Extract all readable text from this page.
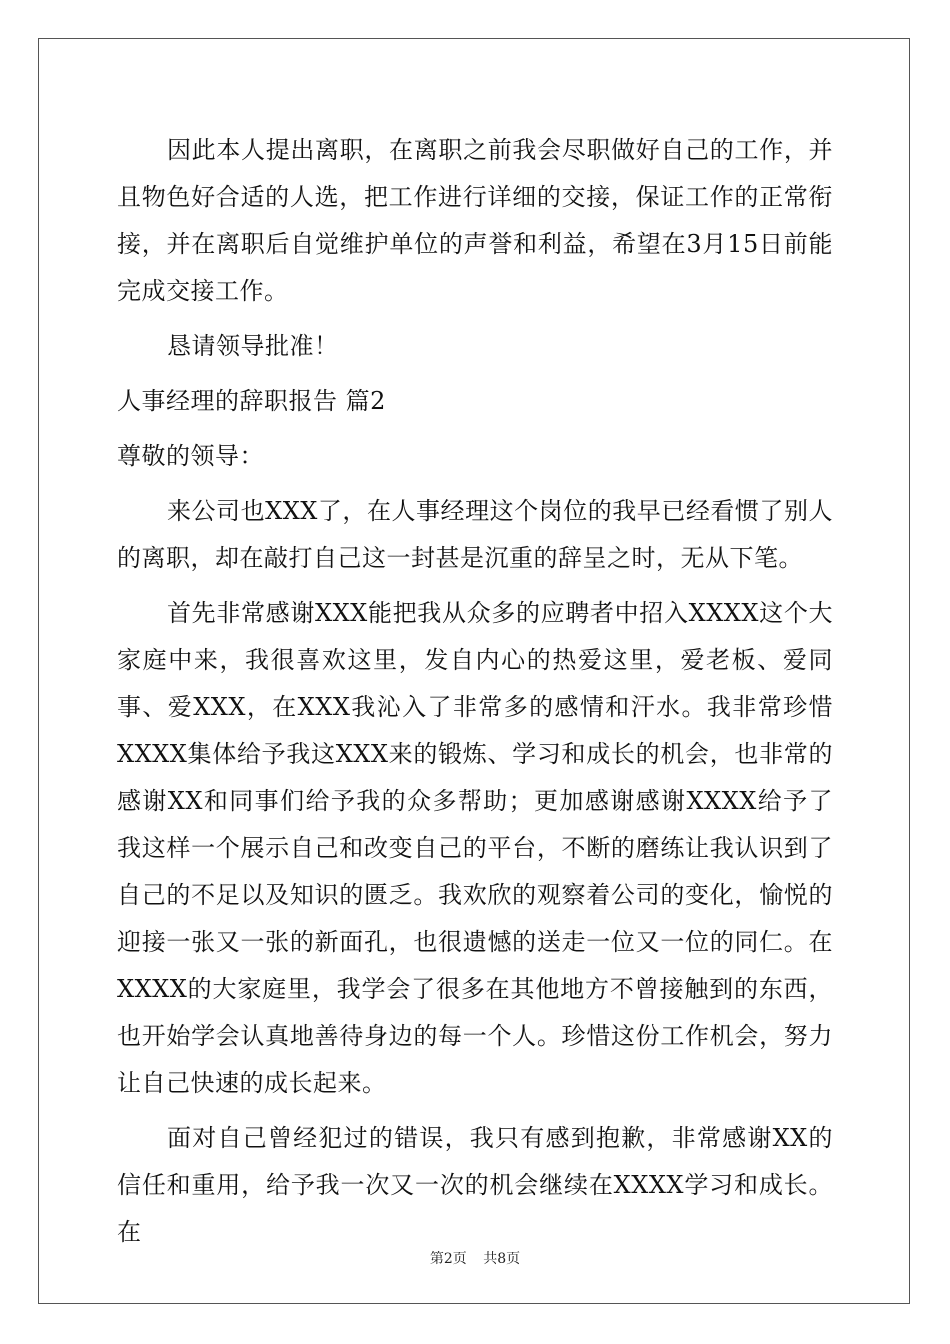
因此本人提出离职，在离职之前我会尽职做好自己的工作，并且物色好合适的人选，把工作进行详细的交接，保证工作的正常衔接，并在离职后自觉维护单位的声誉和利益，希望在3月15日前能完成交接工作。

恳请领导批准！

人事经理的辞职报告 篇2

尊敬的领导：

来公司也XXX了，在人事经理这个岗位的我早已经看惯了别人的离职，却在敲打自己这一封甚是沉重的辞呈之时，无从下笔。

首先非常感谢XXX能把我从众多的应聘者中招入XXXX这个大家庭中来，我很喜欢这里，发自内心的热爱这里，爱老板、爱同事、爱XXX，在XXX我沁入了非常多的感情和汗水。我非常珍惜XXXX集体给予我这XXX来的锻炼、学习和成长的机会，也非常的感谢XX和同事们给予我的众多帮助；更加感谢感谢XXXX给予了我这样一个展示自己和改变自己的平台，不断的磨练让我认识到了自己的不足以及知识的匮乏。我欢欣的观察着公司的变化，愉悦的迎接一张又一张的新面孔，也很遗憾的送走一位又一位的同仁。在XXXX的大家庭里，我学会了很多在其他地方不曾接触到的东西，也开始学会认真地善待身边的每一个人。珍惜这份工作机会，努力让自己快速的成长起来。

面对自己曾经犯过的错误，我只有感到抱歉，非常感谢XX的信任和重用，给予我一次又一次的机会继续在XXXX学习和成长。在

第2页 共8页
